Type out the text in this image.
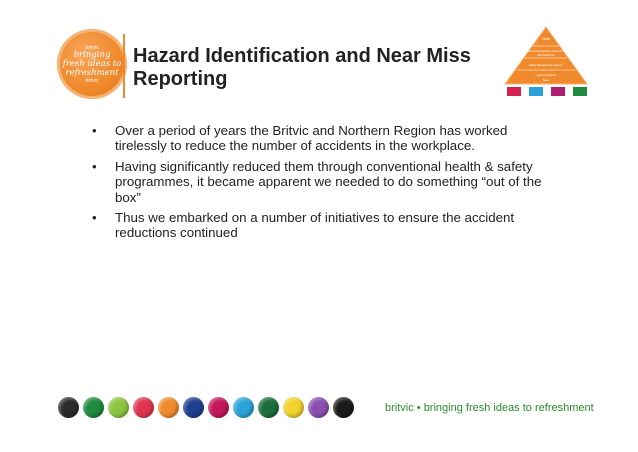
britvic
bringing
fresh ideas to
refreshment
britvic
Hazard Identification and Near Miss Reporting
Vision
Behavioural Interventions and Near Misses
Risk Reduction
Safety Management Systems
Legal Compliance
Base
• Over a period of years the Britvic and Northern Region has worked tirelessly to reduce the number of accidents in the workplace.
• Having significantly reduced them through conventional health & safety programmes, it became apparent we needed to do something “out of the box”
• Thus we embarked on a number of initiatives to ensure the accident reductions continued
britvic • bringing fresh ideas to refreshment
